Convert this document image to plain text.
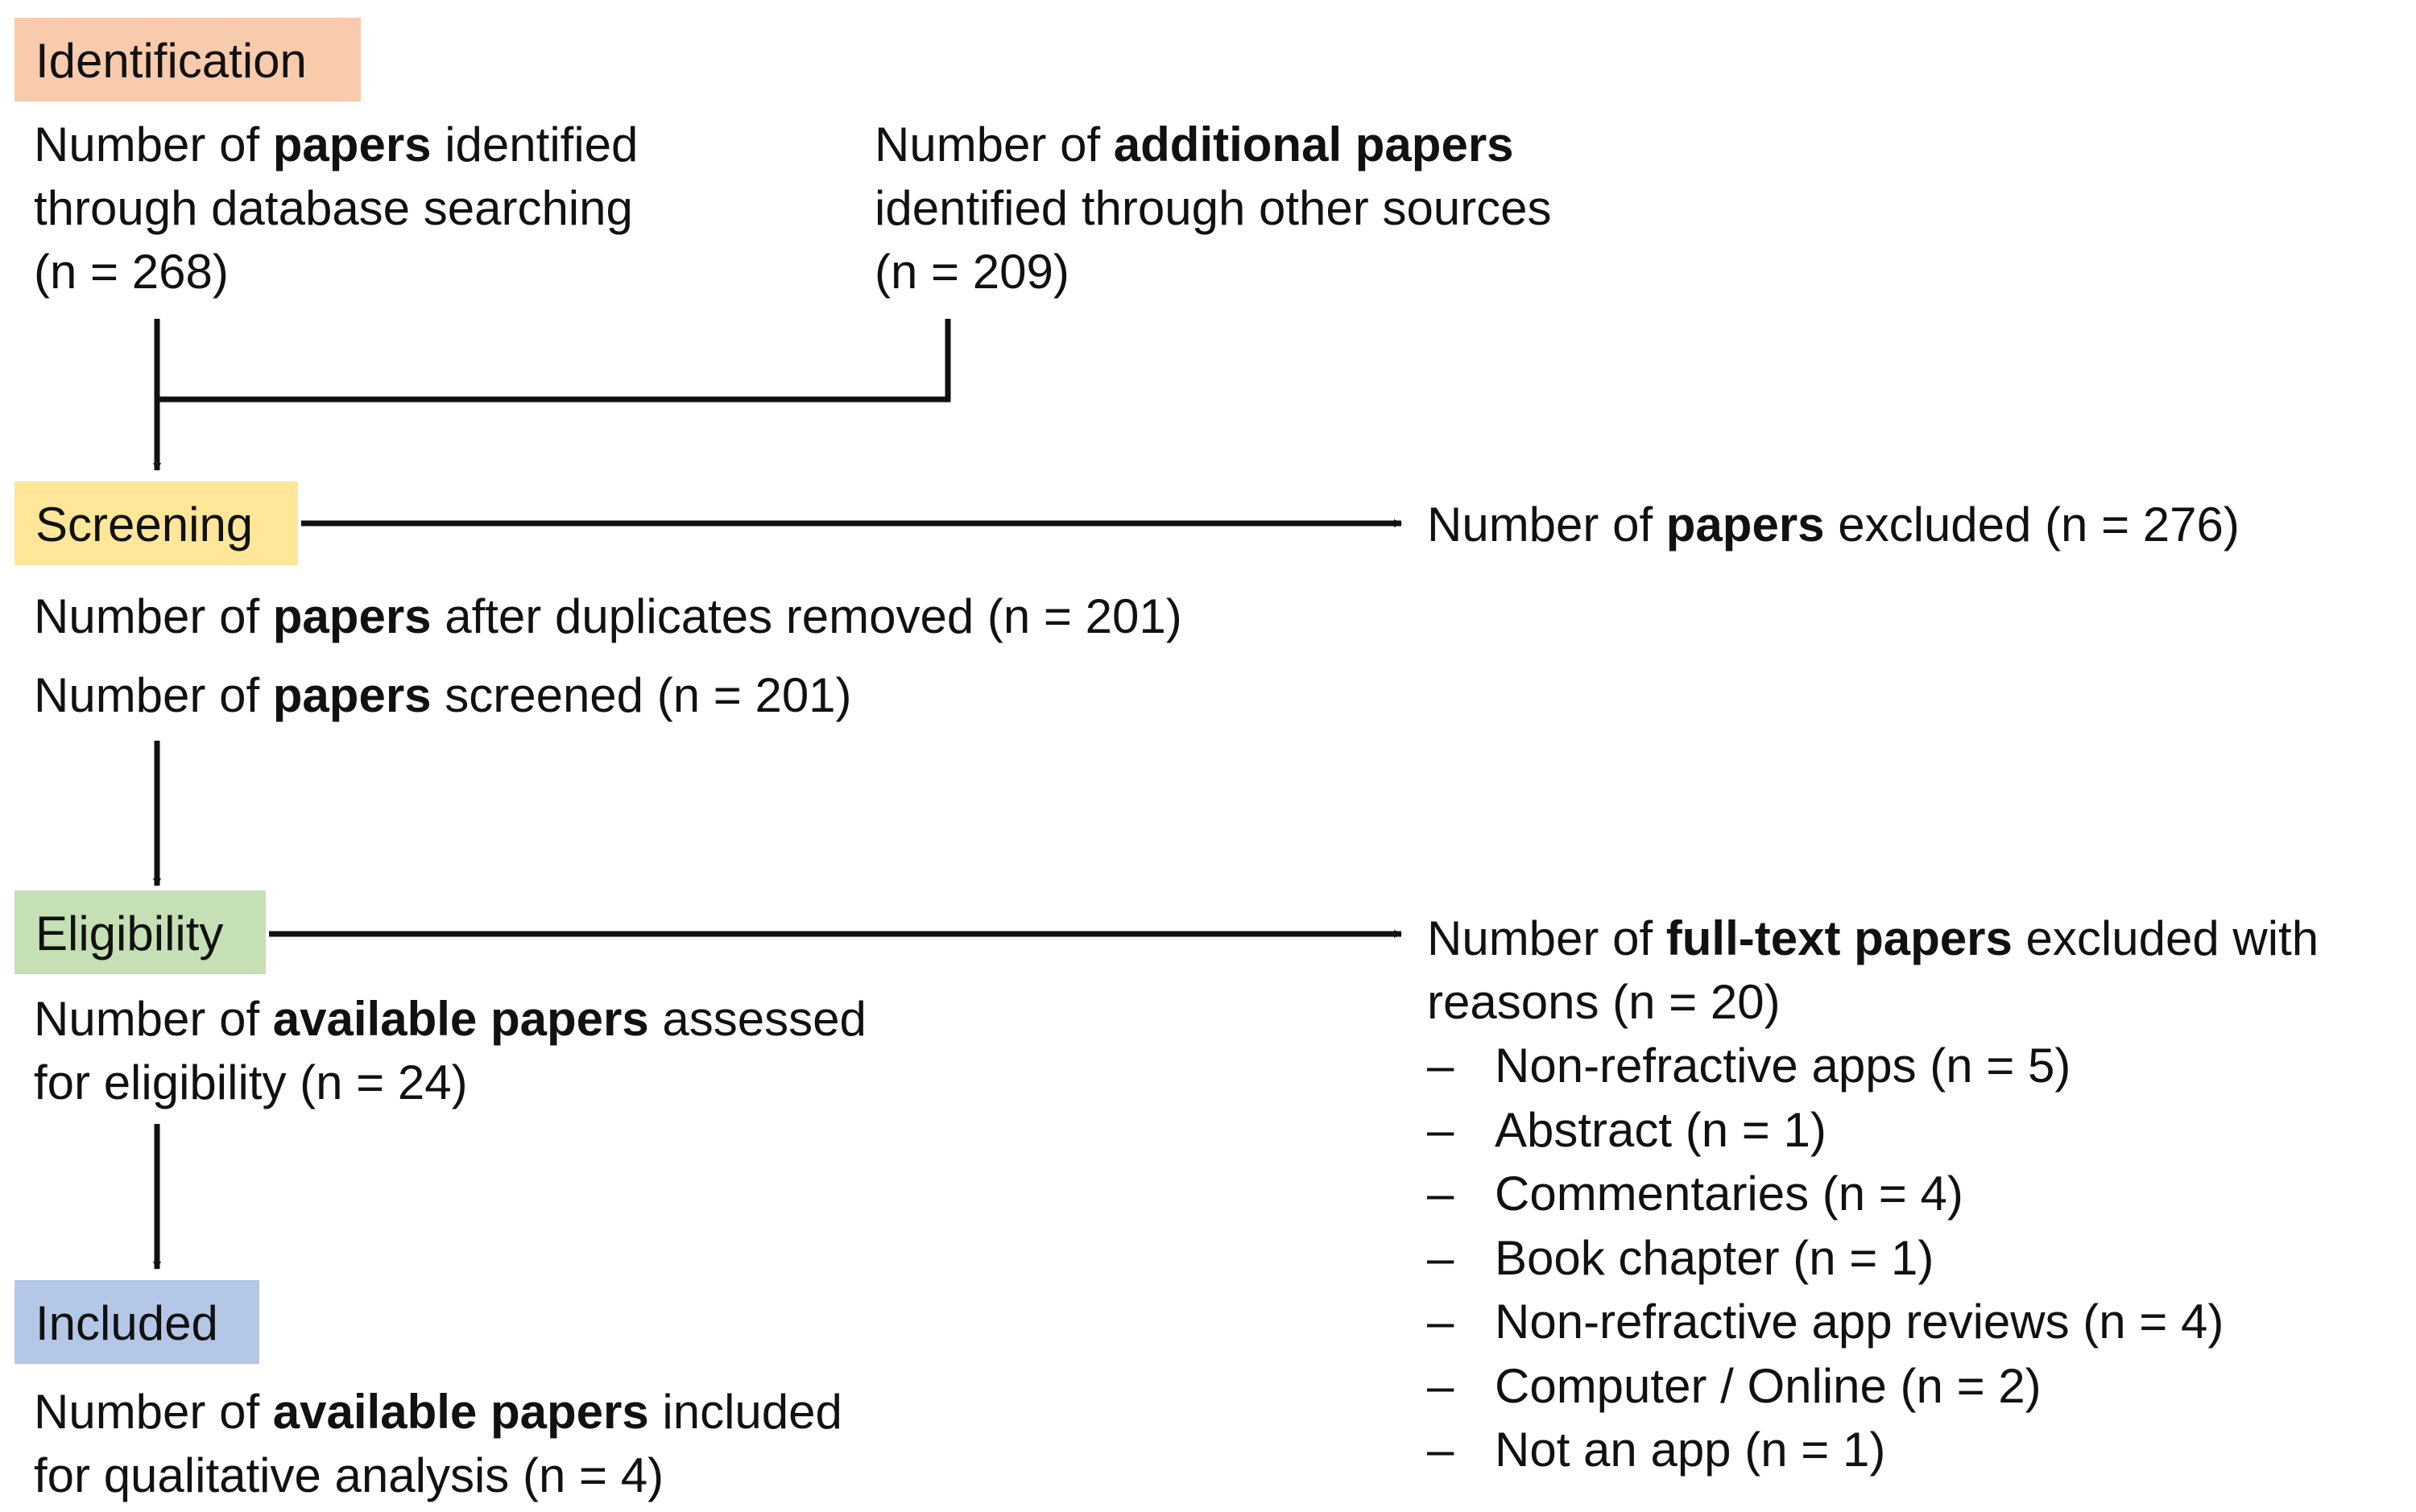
Identification
Screening
Eligibility
Included
Number of papers identified
through database searching
(n = 268)
Number of additional papers
identified through other sources
(n = 209)
Number of papers excluded (n = 276)
Number of papers after duplicates removed (n = 201)
Number of papers screened (n = 201)
Number of available papers assessed
for eligibility (n = 24)
Number of full-text papers excluded with
reasons (n = 20)
– Non-refractive apps (n = 5)
– Abstract (n = 1)
– Commentaries (n = 4)
– Book chapter (n = 1)
– Non-refractive app reviews (n = 4)
– Computer / Online (n = 2)
– Not an app (n = 1)
Number of available papers included
for qualitative analysis (n = 4)
